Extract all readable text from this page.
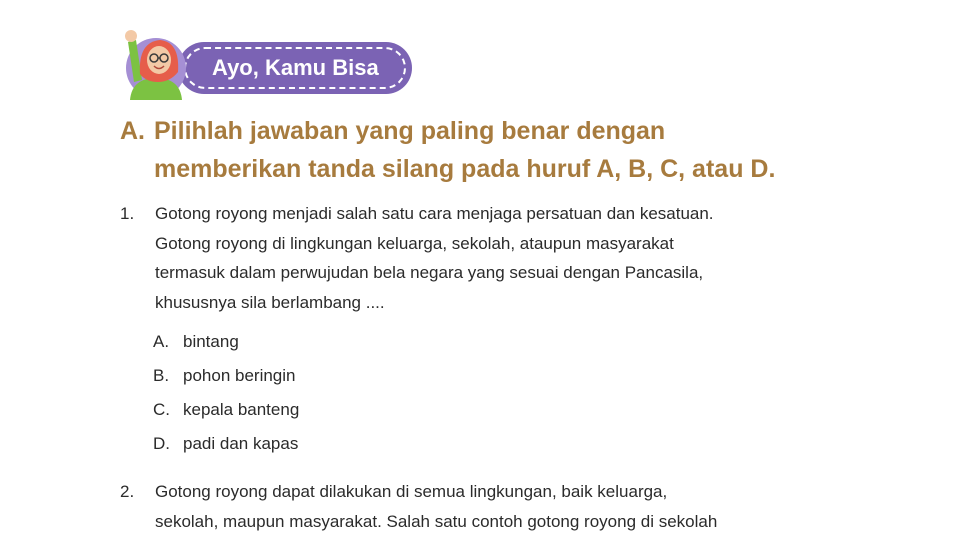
Ayo, Kamu Bisa
A. Pilihlah jawaban yang paling benar dengan
memberikan tanda silang pada huruf A, B, C, atau D.
1.	Gotong royong menjadi salah satu cara menjaga persatuan dan kesatuan.
Gotong royong di lingkungan keluarga, sekolah, ataupun masyarakat
termasuk dalam perwujudan bela negara yang sesuai dengan Pancasila,
khususnya sila berlambang ....
A. bintang
B. pohon beringin
C. kepala banteng
D. padi dan kapas
2.	Gotong royong dapat dilakukan di semua lingkungan, baik keluarga,
sekolah, maupun masyarakat. Salah satu contoh gotong royong di sekolah
